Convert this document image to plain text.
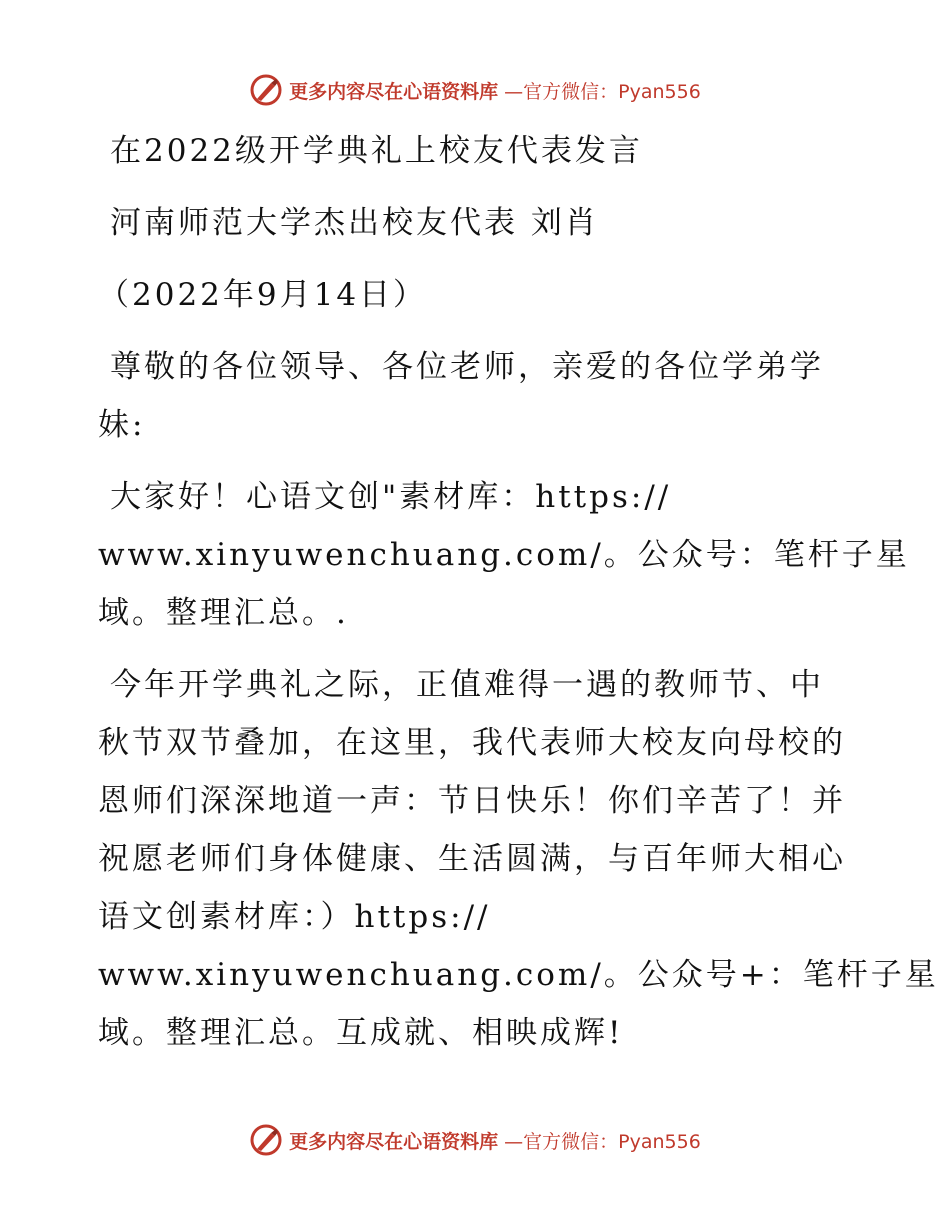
更多内容尽在心语资料库 —官方微信：Pyan556
在2022级开学典礼上校友代表发言
河南师范大学杰出校友代表 刘肖
（2022年9月14日）
尊敬的各位领导、各位老师，亲爱的各位学弟学
妹:
大家好！心语文创"素材库：https://
www.xinyuwenchuang.com/。公众号：笔杆子星
域。整理汇总。.
今年开学典礼之际，正值难得一遇的教师节、中
秋节双节叠加，在这里，我代表师大校友向母校的
恩师们深深地道一声：节日快乐！你们辛苦了！并
祝愿老师们身体健康、生活圆满，与百年师大相心
语文创素材库：）https://
www.xinyuwenchuang.com/。公众号+：笔杆子星
域。整理汇总。互成就、相映成辉!
更多内容尽在心语资料库 —官方微信：Pyan556
